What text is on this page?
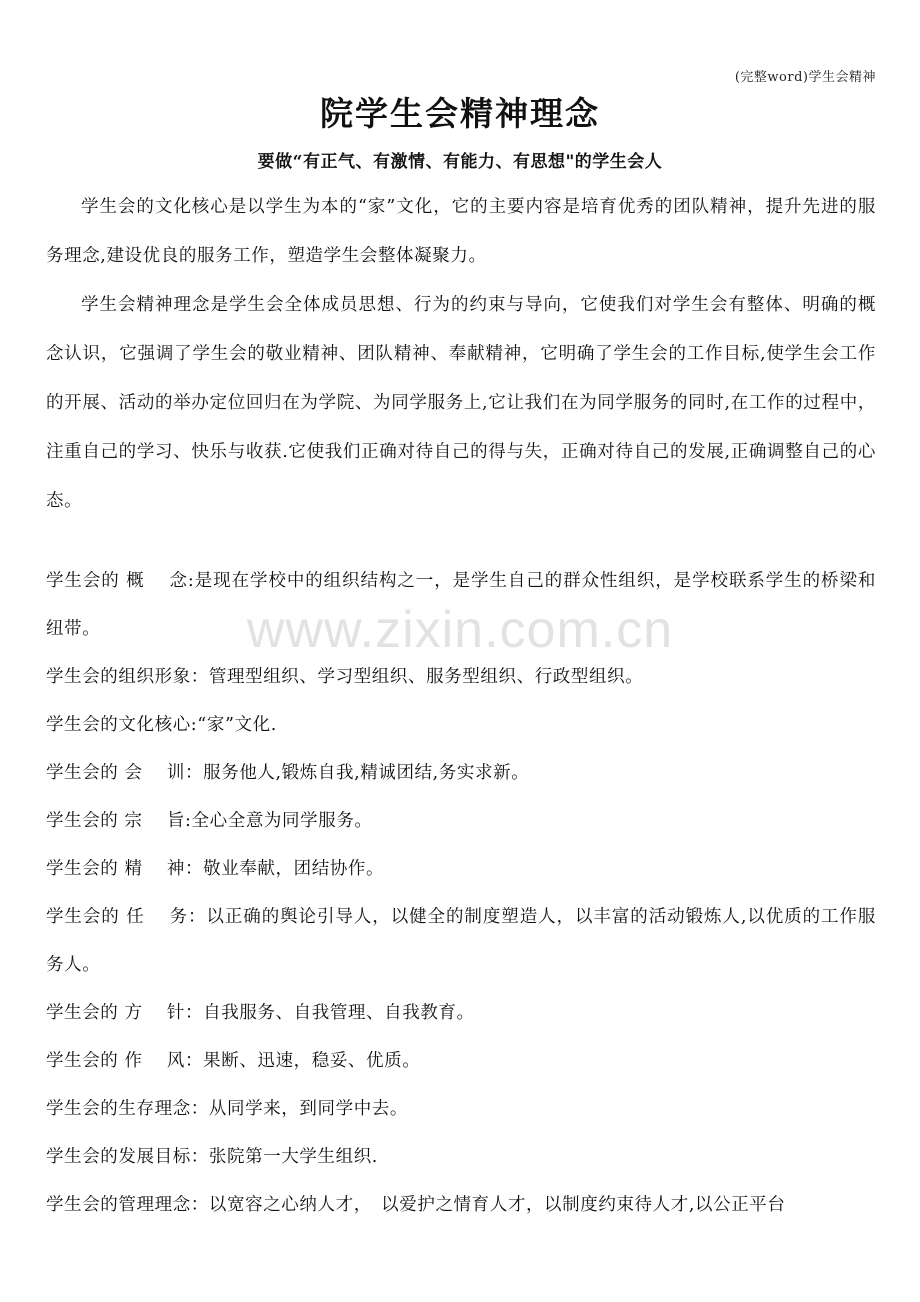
(完整word)学生会精神
院学生会精神理念
要做“有正气、有激情、有能力、有思想"的学生会人

学生会的文化核心是以学生为本的“家”文化，它的主要内容是培育优秀的团队精神，提升先进的服务理念,建设优良的服务工作，塑造学生会整体凝聚力。

学生会精神理念是学生会全体成员思想、行为的约束与导向，它使我们对学生会有整体、明确的概念认识，它强调了学生会的敬业精神、团队精神、奉献精神，它明确了学生会的工作目标,使学生会工作的开展、活动的举办定位回归在为学院、为同学服务上,它让我们在为同学服务的同时,在工作的过程中，注重自己的学习、快乐与收获.它使我们正确对待自己的得与失，正确对待自己的发展,正确调整自己的心态。

学生会的 概　 念:是现在学校中的组织结构之一，是学生自己的群众性组织，是学校联系学生的桥梁和纽带。

学生会的组织形象：管理型组织、学习型组织、服务型组织、行政型组织。

学生会的文化核心:“家”文化.

学生会的 会　 训：服务他人,锻炼自我,精诚团结,务实求新。

学生会的 宗　 旨:全心全意为同学服务。

学生会的 精　 神：敬业奉献，团结协作。

学生会的 任　 务：以正确的舆论引导人，以健全的制度塑造人，以丰富的活动锻炼人,以优质的工作服务人。

学生会的 方　 针：自我服务、自我管理、自我教育。

学生会的 作　 风：果断、迅速，稳妥、优质。

学生会的生存理念：从同学来，到同学中去。

学生会的发展目标：张院第一大学生组织.

学生会的管理理念：以宽容之心纳人才，　以爱护之情育人才，以制度约束待人才,以公正平台

www.zixin.com.cn
